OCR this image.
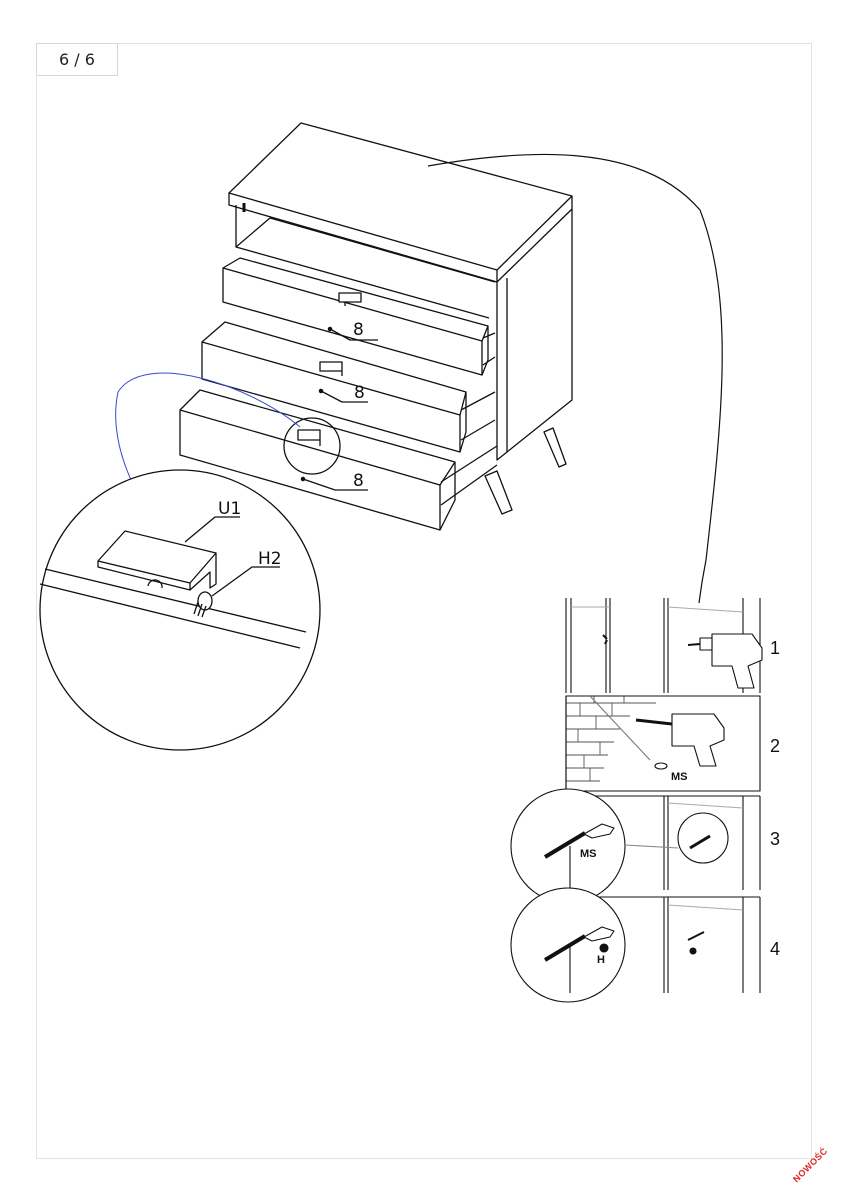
6 / 6
8
8
8
U1
H2
1
MS
2
MS
3
H
4
NOWOŚĆ
